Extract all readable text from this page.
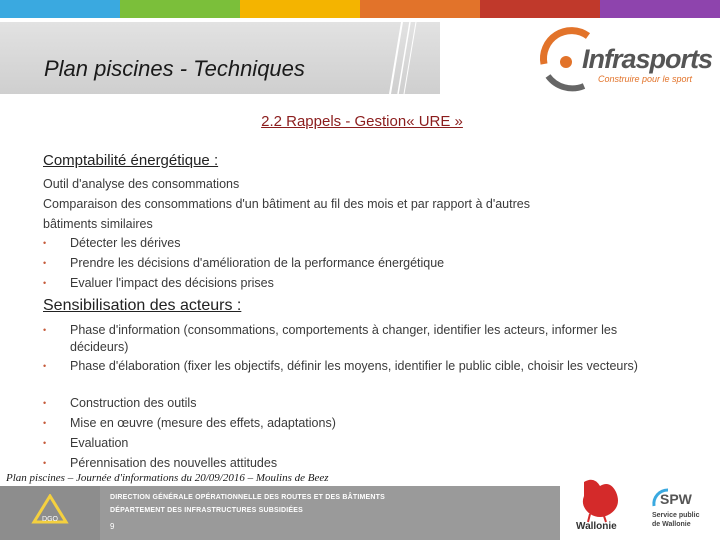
Plan piscines - Techniques	Infrasports
Construire pour le sport
2.2 Rappels - Gestion« URE »
Comptabilité énergétique :
Outil d'analyse des consommations
Comparaison des consommations d'un bâtiment au fil des mois et par rapport à d'autres
bâtiments similaires
• Détecter les dérives
• Prendre les décisions d'amélioration de la performance énergétique
• Evaluer l'impact des décisions prises
Sensibilisation des acteurs :
• Phase d'information (consommations, comportements à changer, identifier les acteurs, informer les décideurs)
• Phase d'élaboration (fixer les objectifs, définir les moyens, identifier le public cible, choisir les vecteurs)
• Construction des outils
• Mise en œuvre (mesure des effets, adaptations)
• Evaluation
• Pérennisation des nouvelles attitudes
DGO
Plan piscines – Journée d'informations du 20/09/2016 – Moulins de Beez
DIRECTION GÉNÉRALE OPÉRATIONNELLE DES ROUTES ET DES BÂTIMENTS
DÉPARTEMENT DES INFRASTRUCTURES SUBSIDIÉES
9	Wallonie
SPW
Service public
de Wallonie
